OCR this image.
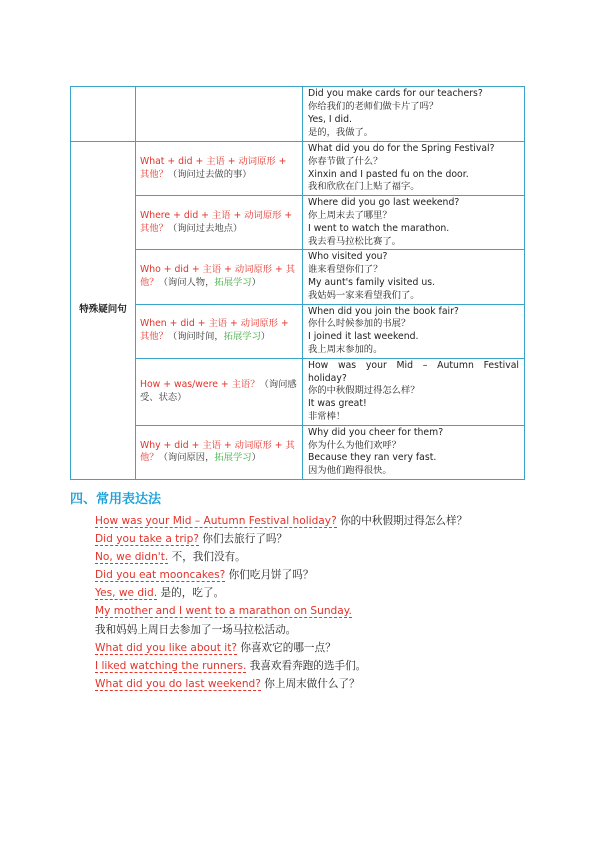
		Did you make cards for our teachers?
你给我们的老师们做卡片了吗？
Yes, I did.
是的，我做了。

特殊疑问句	What + did + 主语 + 动词原形 + 其他？（询问过去做的事）	What did you do for the Spring Festival?
你春节做了什么？
Xinxin and I pasted fu on the door.
我和欣欣在门上贴了福字。

	Where + did + 主语 + 动词原形 + 其他？（询问过去地点）	Where did you go last weekend?
你上周末去了哪里？
I went to watch the marathon.
我去看马拉松比赛了。

	Who + did + 主语 + 动词原形 + 其他？（询问人物，拓展学习）	Who visited you?
谁来看望你们了？
My aunt's family visited us.
我姑妈一家来看望我们了。

	When + did + 主语 + 动词原形 + 其他？（询问时间，拓展学习）	When did you join the book fair?
你什么时候参加的书展？
I joined it last weekend.
我上周末参加的。

	How + was/were + 主语？（询问感受、状态）	How was your Mid – Autumn Festival
holiday?
你的中秋假期过得怎么样？
It was great!
非常棒！

	Why + did + 主语 + 动词原形 + 其他？（询问原因，拓展学习）	Why did you cheer for them?
你为什么为他们欢呼？
Because they ran very fast.
因为他们跑得很快。
四、常用表达法
How was your Mid – Autumn Festival holiday? 你的中秋假期过得怎么样？
Did you take a trip? 你们去旅行了吗？
No, we didn't. 不，我们没有。
Did you eat mooncakes? 你们吃月饼了吗？
Yes, we did. 是的，吃了。
My mother and I went to a marathon on Sunday.
我和妈妈上周日去参加了一场马拉松活动。
What did you like about it? 你喜欢它的哪一点？
I liked watching the runners. 我喜欢看奔跑的选手们。
What did you do last weekend? 你上周末做什么了？
